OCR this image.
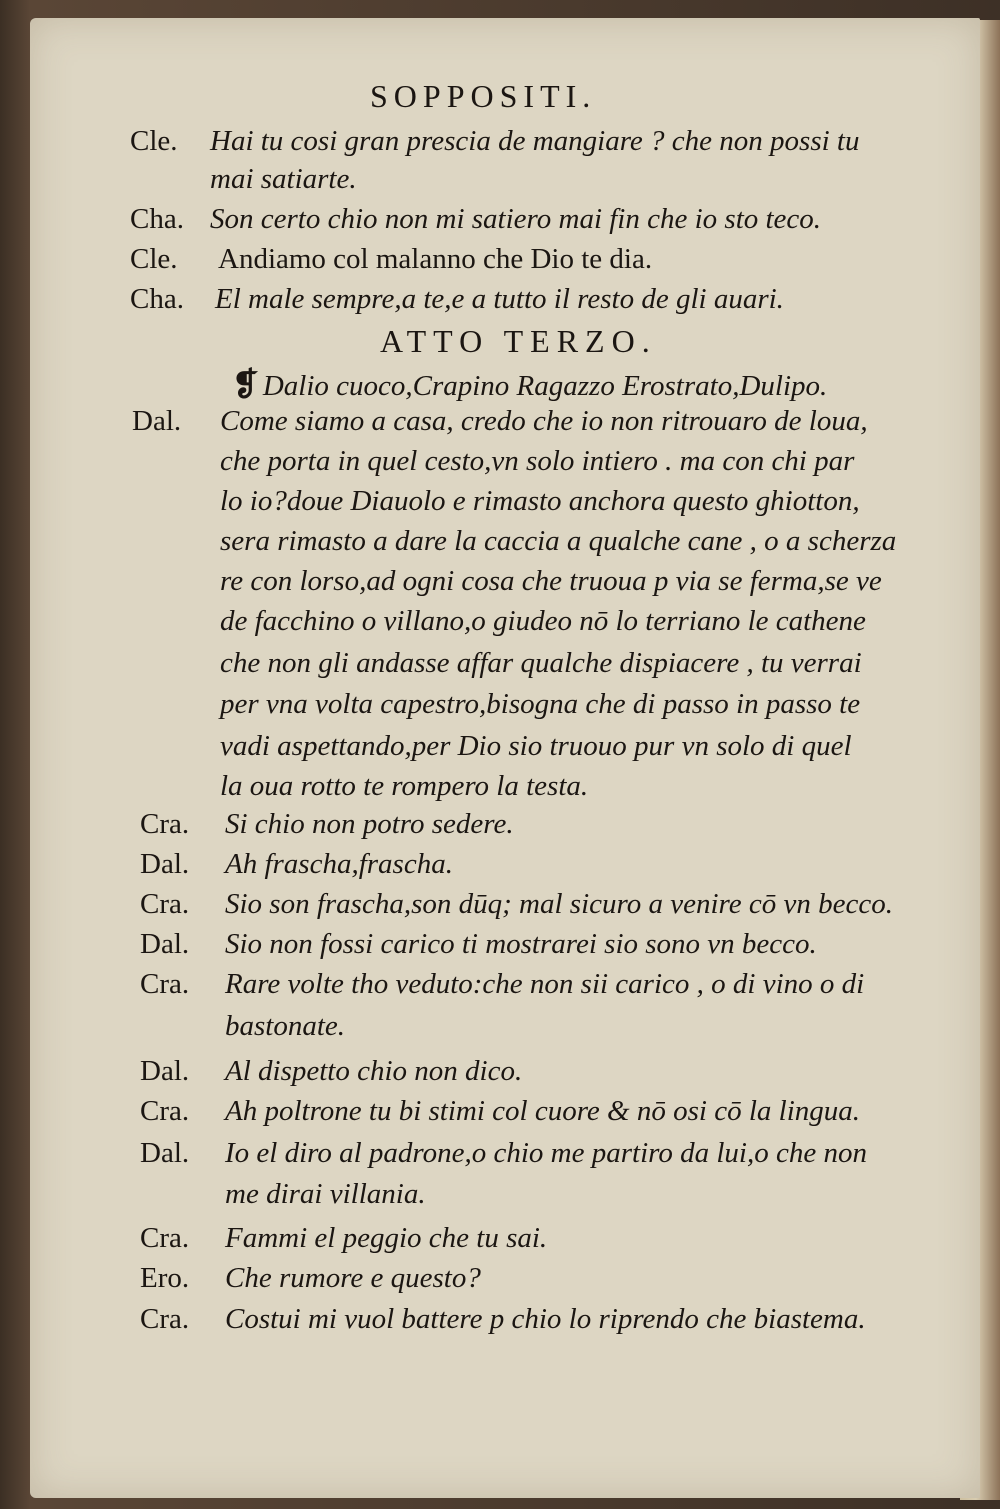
SOPPOSITI.
Cle. Hai tu cosi gran prescia de mangiare ? che non possi tu
mai satiarte.
Cha. Son certo chio non mi satiero mai fin che io sto teco.
Cle. Andiamo col malanno che Dio te dia.
Cha. El male sempre,a te,e a tutto il resto de gli auari.
ATTO TERZO.
❡ Dalio cuoco,Crapino Ragazzo Erostrato,Dulipo.
Dal. Come siamo a casa, credo che io non ritrouaro de loua,
che porta in quel cesto,vn solo intiero . ma con chi par
lo io?doue Diauolo e rimasto anchora questo ghiotton,
sera rimasto a dare la caccia a qualche cane , o a scherza
re con lorso,ad ogni cosa che truoua p via se ferma,se ve
de facchino o villano,o giudeo nō lo terriano le cathene
che non gli andasse affar qualche dispiacere , tu verrai
per vna volta capestro,bisogna che di passo in passo te
vadi aspettando,per Dio sio truouo pur vn solo di quel
la oua rotto te rompero la testa.
Cra. Si chio non potro sedere.
Dal. Ah frascha,frascha.
Cra. Sio son frascha,son dūq; mal sicuro a venire cō vn becco.
Dal. Sio non fossi carico ti mostrarei sio sono vn becco.
Cra. Rare volte tho veduto:che non sii carico , o di vino o di
bastonate.
Dal. Al dispetto chio non dico.
Cra. Ah poltrone tu bi stimi col cuore & nō osi cō la lingua.
Dal. Io el diro al padrone,o chio me partiro da lui,o che non
me dirai villania.
Cra. Fammi el peggio che tu sai.
Ero. Che rumore e questo?
Cra. Costui mi vuol battere p chio lo riprendo che biastema.
